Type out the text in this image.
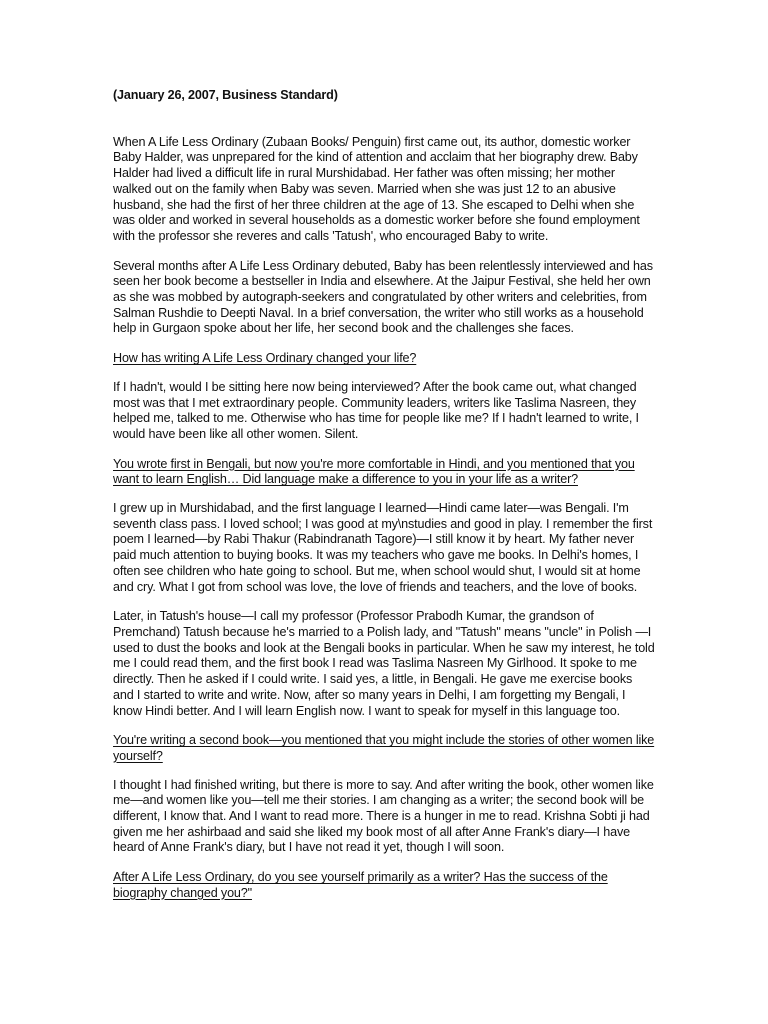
(January 26, 2007, Business Standard)

When A Life Less Ordinary (Zubaan Books/ Penguin) first came out, its author, domestic worker Baby Halder, was unprepared for the kind of attention and acclaim that her biography drew. Baby Halder had lived a difficult life in rural Murshidabad. Her father was often missing; her mother walked out on the family when Baby was seven. Married when she was just 12 to an abusive husband, she had the first of her three children at the age of 13. She escaped to Delhi when she was older and worked in several households as a domestic worker before she found employment with the professor she reveres and calls 'Tatush', who encouraged Baby to write.

Several months after A Life Less Ordinary debuted, Baby has been relentlessly interviewed and has seen her book become a bestseller in India and elsewhere. At the Jaipur Festival, she held her own as she was mobbed by autograph-seekers and congratulated by other writers and celebrities, from Salman Rushdie to Deepti Naval. In a brief conversation, the writer who still works as a household help in Gurgaon spoke about her life, her second book and the challenges she faces.

How has writing A Life Less Ordinary changed your life?

If I hadn't, would I be sitting here now being interviewed? After the book came out, what changed most was that I met extraordinary people. Community leaders, writers like Taslima Nasreen, they helped me, talked to me. Otherwise who has time for people like me? If I hadn't learned to write, I would have been like all other women. Silent.

You wrote first in Bengali, but now you're more comfortable in Hindi, and you mentioned that you want to learn English… Did language make a difference to you in your life as a writer?

I grew up in Murshidabad, and the first language I learned—Hindi came later—was Bengali. I'm seventh class pass. I loved school; I was good at my\nstudies and good in play. I remember the first poem I learned—by Rabi Thakur (Rabindranath Tagore)—I still know it by heart. My father never paid much attention to buying books. It was my teachers who gave me books. In Delhi's homes, I often see children who hate going to school. But me, when school would shut, I would sit at home and cry. What I got from school was love, the love of friends and teachers, and the love of books.

Later, in Tatush's house—I call my professor (Professor Prabodh Kumar, the grandson of Premchand) Tatush because he's married to a Polish lady, and "Tatush" means "uncle" in Polish —I used to dust the books and look at the Bengali books in particular. When he saw my interest, he told me I could read them, and the first book I read was Taslima Nasreen My Girlhood. It spoke to me directly. Then he asked if I could write. I said yes, a little, in Bengali. He gave me exercise books and I started to write and write. Now, after so many years in Delhi, I am forgetting my Bengali, I know Hindi better. And I will learn English now. I want to speak for myself in this language too.

You're writing a second book—you mentioned that you might include the stories of other women like yourself?

I thought I had finished writing, but there is more to say. And after writing the book, other women like me—and women like you—tell me their stories. I am changing as a writer; the second book will be different, I know that. And I want to read more. There is a hunger in me to read. Krishna Sobti ji had given me her ashirbaad and said she liked my book most of all after Anne Frank's diary—I have heard of Anne Frank's diary, but I have not read it yet, though I will soon.

After A Life Less Ordinary, do you see yourself primarily as a writer? Has the success of the biography changed you?"
